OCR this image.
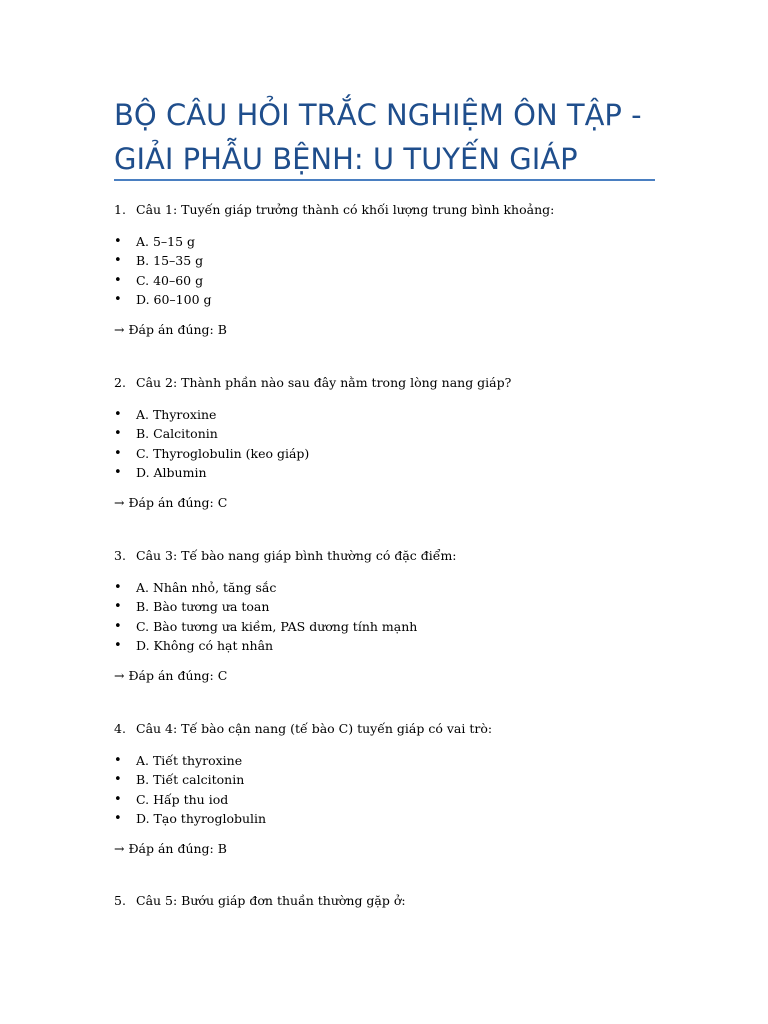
BỘ CÂU HỎI TRẮC NGHIỆM ÔN TẬP -
GIẢI PHẪU BỆNH: U TUYẾN GIÁP
1. Câu 1: Tuyến giáp trưởng thành có khối lượng trung bình khoảng:
• A. 5–15 g
• B. 15–35 g
• C. 40–60 g
• D. 60–100 g
→ Đáp án đúng: B
2. Câu 2: Thành phần nào sau đây nằm trong lòng nang giáp?
• A. Thyroxine
• B. Calcitonin
• C. Thyroglobulin (keo giáp)
• D. Albumin
→ Đáp án đúng: C
3. Câu 3: Tế bào nang giáp bình thường có đặc điểm:
• A. Nhân nhỏ, tăng sắc
• B. Bào tương ưa toan
• C. Bào tương ưa kiềm, PAS dương tính mạnh
• D. Không có hạt nhân
→ Đáp án đúng: C
4. Câu 4: Tế bào cận nang (tế bào C) tuyến giáp có vai trò:
• A. Tiết thyroxine
• B. Tiết calcitonin
• C. Hấp thu iod
• D. Tạo thyroglobulin
→ Đáp án đúng: B
5. Câu 5: Bướu giáp đơn thuần thường gặp ở:
